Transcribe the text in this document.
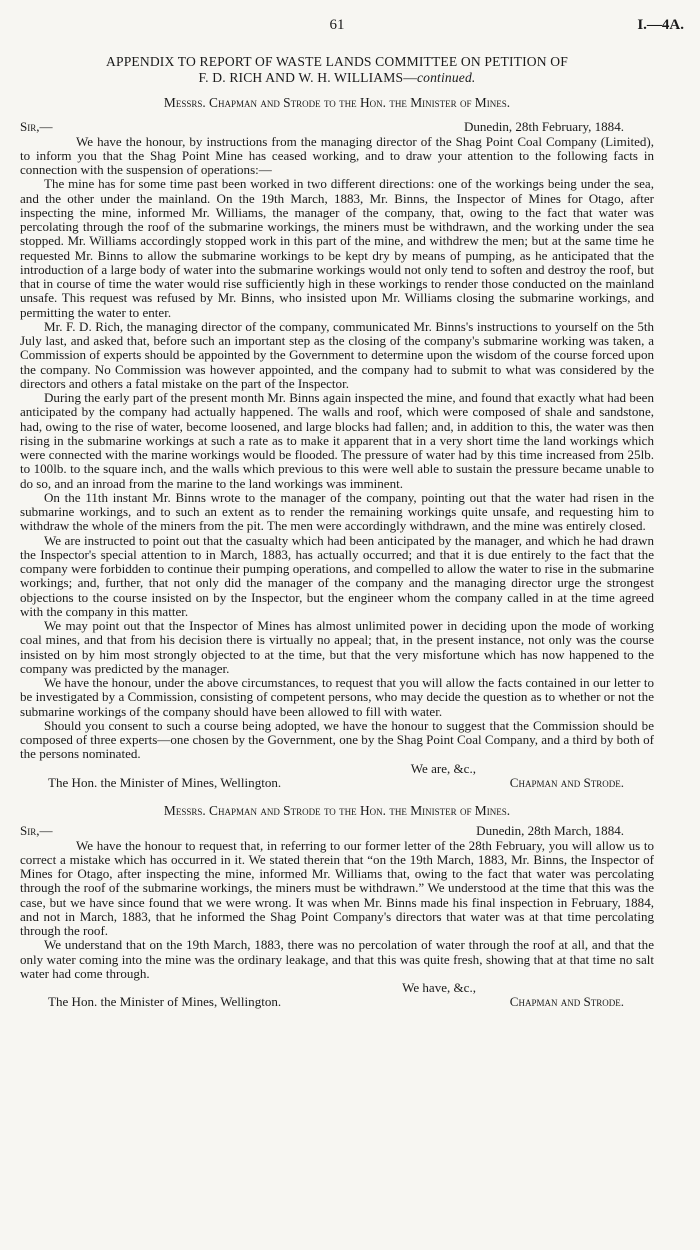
61	I.—4A.
APPENDIX TO REPORT OF WASTE LANDS COMMITTEE ON PETITION OF
F. D. RICH AND W. H. WILLIAMS—continued.
Messrs. Chapman and Strode to the Hon. the Minister of Mines.
Sir,—	Dunedin, 28th February, 1884.

We have the honour, by instructions from the managing director of the Shag Point Coal Company (Limited), to inform you that the Shag Point Mine has ceased working, and to draw your attention to the following facts in connection with the suspension of operations:—

The mine has for some time past been worked in two different directions: one of the workings being under the sea, and the other under the mainland. On the 19th March, 1883, Mr. Binns, the Inspector of Mines for Otago, after inspecting the mine, informed Mr. Williams, the manager of the company, that, owing to the fact that water was percolating through the roof of the submarine workings, the miners must be withdrawn, and the working under the sea stopped. Mr. Williams accordingly stopped work in this part of the mine, and withdrew the men; but at the same time he requested Mr. Binns to allow the submarine workings to be kept dry by means of pumping, as he anticipated that the introduction of a large body of water into the submarine workings would not only tend to soften and destroy the roof, but that in course of time the water would rise sufficiently high in these workings to render those conducted on the mainland unsafe. This request was refused by Mr. Binns, who insisted upon Mr. Williams closing the submarine workings, and permitting the water to enter.

Mr. F. D. Rich, the managing director of the company, communicated Mr. Binns's instructions to yourself on the 5th July last, and asked that, before such an important step as the closing of the company's submarine working was taken, a Commission of experts should be appointed by the Government to determine upon the wisdom of the course forced upon the company. No Commission was however appointed, and the company had to submit to what was considered by the directors and others a fatal mistake on the part of the Inspector.

During the early part of the present month Mr. Binns again inspected the mine, and found that exactly what had been anticipated by the company had actually happened. The walls and roof, which were composed of shale and sandstone, had, owing to the rise of water, become loosened, and large blocks had fallen; and, in addition to this, the water was then rising in the submarine workings at such a rate as to make it apparent that in a very short time the land workings which were connected with the marine workings would be flooded. The pressure of water had by this time increased from 25lb. to 100lb. to the square inch, and the walls which previous to this were well able to sustain the pressure became unable to do so, and an inroad from the marine to the land workings was imminent.

On the 11th instant Mr. Binns wrote to the manager of the company, pointing out that the water had risen in the submarine workings, and to such an extent as to render the remaining workings quite unsafe, and requesting him to withdraw the whole of the miners from the pit. The men were accordingly withdrawn, and the mine was entirely closed.

We are instructed to point out that the casualty which had been anticipated by the manager, and which he had drawn the Inspector's special attention to in March, 1883, has actually occurred; and that it is due entirely to the fact that the company were forbidden to continue their pumping operations, and compelled to allow the water to rise in the submarine workings; and, further, that not only did the manager of the company and the managing director urge the strongest objections to the course insisted on by the Inspector, but the engineer whom the company called in at the time agreed with the company in this matter.

We may point out that the Inspector of Mines has almost unlimited power in deciding upon the mode of working coal mines, and that from his decision there is virtually no appeal; that, in the present instance, not only was the course insisted on by him most strongly objected to at the time, but that the very misfortune which has now happened to the company was predicted by the manager.

We have the honour, under the above circumstances, to request that you will allow the facts contained in our letter to be investigated by a Commission, consisting of competent persons, who may decide the question as to whether or not the submarine workings of the company should have been allowed to fill with water.

Should you consent to such a course being adopted, we have the honour to suggest that the Commission should be composed of three experts—one chosen by the Government, one by the Shag Point Coal Company, and a third by both of the persons nominated.

We are, &c.,
The Hon. the Minister of Mines, Wellington.	Chapman and Strode.
Messrs. Chapman and Strode to the Hon. the Minister of Mines.
Sir,—	Dunedin, 28th March, 1884.

We have the honour to request that, in referring to our former letter of the 28th February, you will allow us to correct a mistake which has occurred in it. We stated therein that “on the 19th March, 1883, Mr. Binns, the Inspector of Mines for Otago, after inspecting the mine, informed Mr. Williams that, owing to the fact that water was percolating through the roof of the submarine workings, the miners must be withdrawn.” We understood at the time that this was the case, but we have since found that we were wrong. It was when Mr. Binns made his final inspection in February, 1884, and not in March, 1883, that he informed the Shag Point Company's directors that water was at that time percolating through the roof.

We understand that on the 19th March, 1883, there was no percolation of water through the roof at all, and that the only water coming into the mine was the ordinary leakage, and that this was quite fresh, showing that at that time no salt water had come through.

We have, &c.,
The Hon. the Minister of Mines, Wellington.	Chapman and Strode.
